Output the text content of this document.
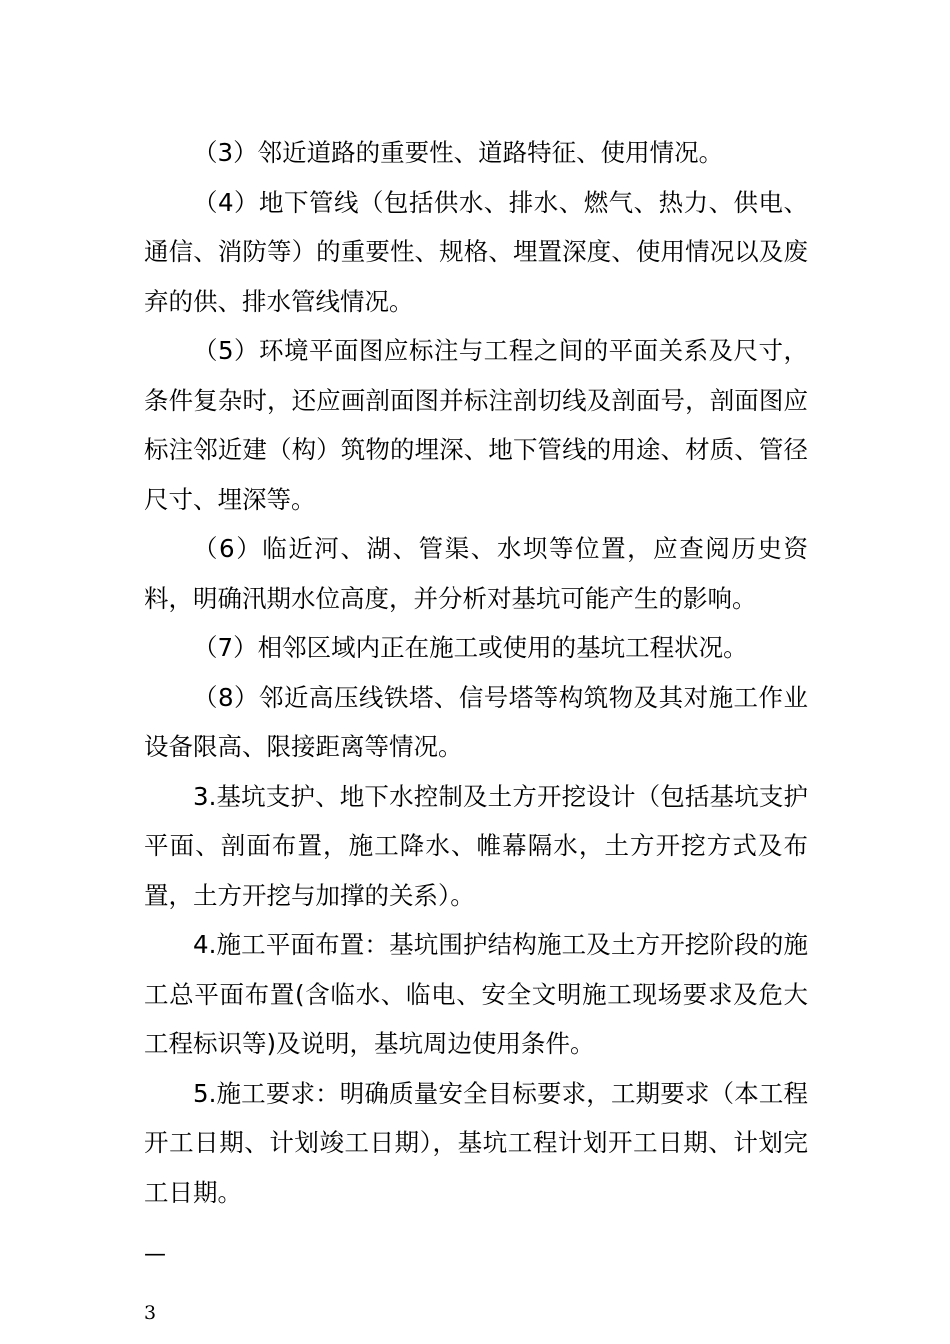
（3）邻近道路的重要性、道路特征、使用情况。

（4）地下管线（包括供水、排水、燃气、热力、供电、通信、消防等）的重要性、规格、埋置深度、使用情况以及废弃的供、排水管线情况。

（5）环境平面图应标注与工程之间的平面关系及尺寸，条件复杂时，还应画剖面图并标注剖切线及剖面号，剖面图应标注邻近建（构）筑物的埋深、地下管线的用途、材质、管径尺寸、埋深等。

（6）临近河、湖、管渠、水坝等位置，应查阅历史资料，明确汛期水位高度，并分析对基坑可能产生的影响。

（7）相邻区域内正在施工或使用的基坑工程状况。

（8）邻近高压线铁塔、信号塔等构筑物及其对施工作业设备限高、限接距离等情况。

3.基坑支护、地下水控制及土方开挖设计（包括基坑支护平面、剖面布置，施工降水、帷幕隔水，土方开挖方式及布置，土方开挖与加撑的关系）。

4.施工平面布置：基坑围护结构施工及土方开挖阶段的施工总平面布置(含临水、临电、安全文明施工现场要求及危大工程标识等)及说明，基坑周边使用条件。

5.施工要求：明确质量安全目标要求，工期要求（本工程开工日期、计划竣工日期），基坑工程计划开工日期、计划完工日期。

—
3
